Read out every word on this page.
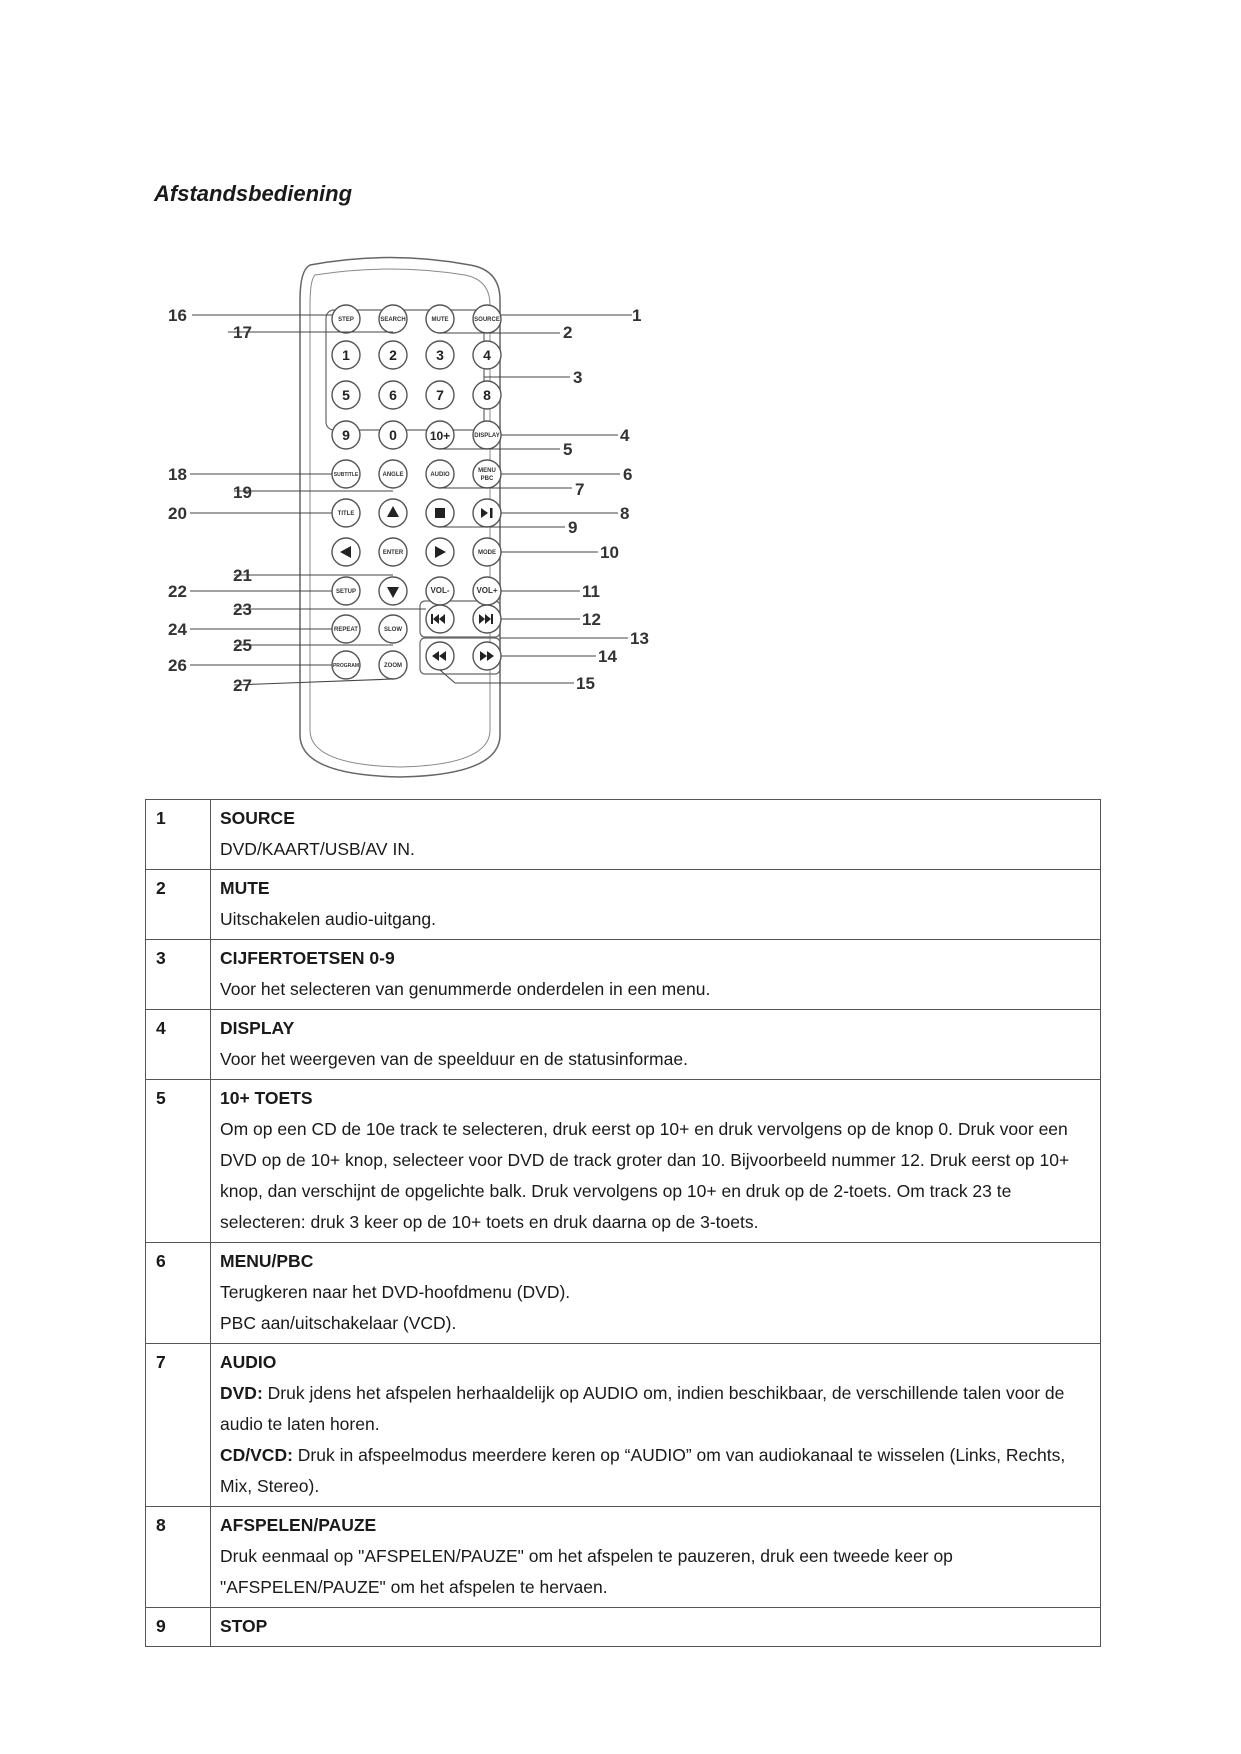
Afstandsbediening
STEP	SEARCH	MUTE	SOURCE
1	2	3	4
5	6	7	8
9	0	10+	DISPLAY
SUBTITLE	ANGLE	AUDIO
MENU
PBC
TITLE
ENTER	MODE
SETUP	VOL-	VOL+
REPEAT	SLOW
PROGRAM	ZOOM
1
2
3
4
5
6
7
8
9
10
11
12
13
14
15
16
17
18
19
20
21
22
23
24
25
26
27
1	SOURCE
DVD/KAART/USB/AV IN.

2	MUTE
Uitschakelen audio-uitgang.

3	CIJFERTOETSEN 0-9
Voor het selecteren van genummerde onderdelen in een menu.

4	DISPLAY
Voor het weergeven van de speelduur en de statusinformae.

5	10+ TOETS
Om op een CD de 10e track te selecteren, druk eerst op 10+ en druk vervolgens op de knop 0. Druk voor een DVD op de 10+ knop, selecteer voor DVD de track groter dan 10. Bijvoorbeeld nummer 12. Druk eerst op 10+ knop, dan verschijnt de opgelichte balk. Druk vervolgens op 10+ en druk op de 2-toets. Om track 23 te selecteren: druk 3 keer op de 10+ toets en druk daarna op de 3-toets.

6	MENU/PBC
Terugkeren naar het DVD-hoofdmenu (DVD).
PBC aan/uitschakelaar (VCD).

7	AUDIO
DVD: Druk jdens het afspelen herhaaldelijk op AUDIO om, indien beschikbaar, de verschillende talen voor de audio te laten horen.
CD/VCD: Druk in afspeelmodus meerdere keren op “AUDIO” om van audiokanaal te wisselen (Links, Rechts, Mix, Stereo).

8	AFSPELEN/PAUZE
Druk eenmaal op "AFSPELEN/PAUZE" om het afspelen te pauzeren, druk een tweede keer op "AFSPELEN/PAUZE" om het afspelen te hervaen.

9	STOP
